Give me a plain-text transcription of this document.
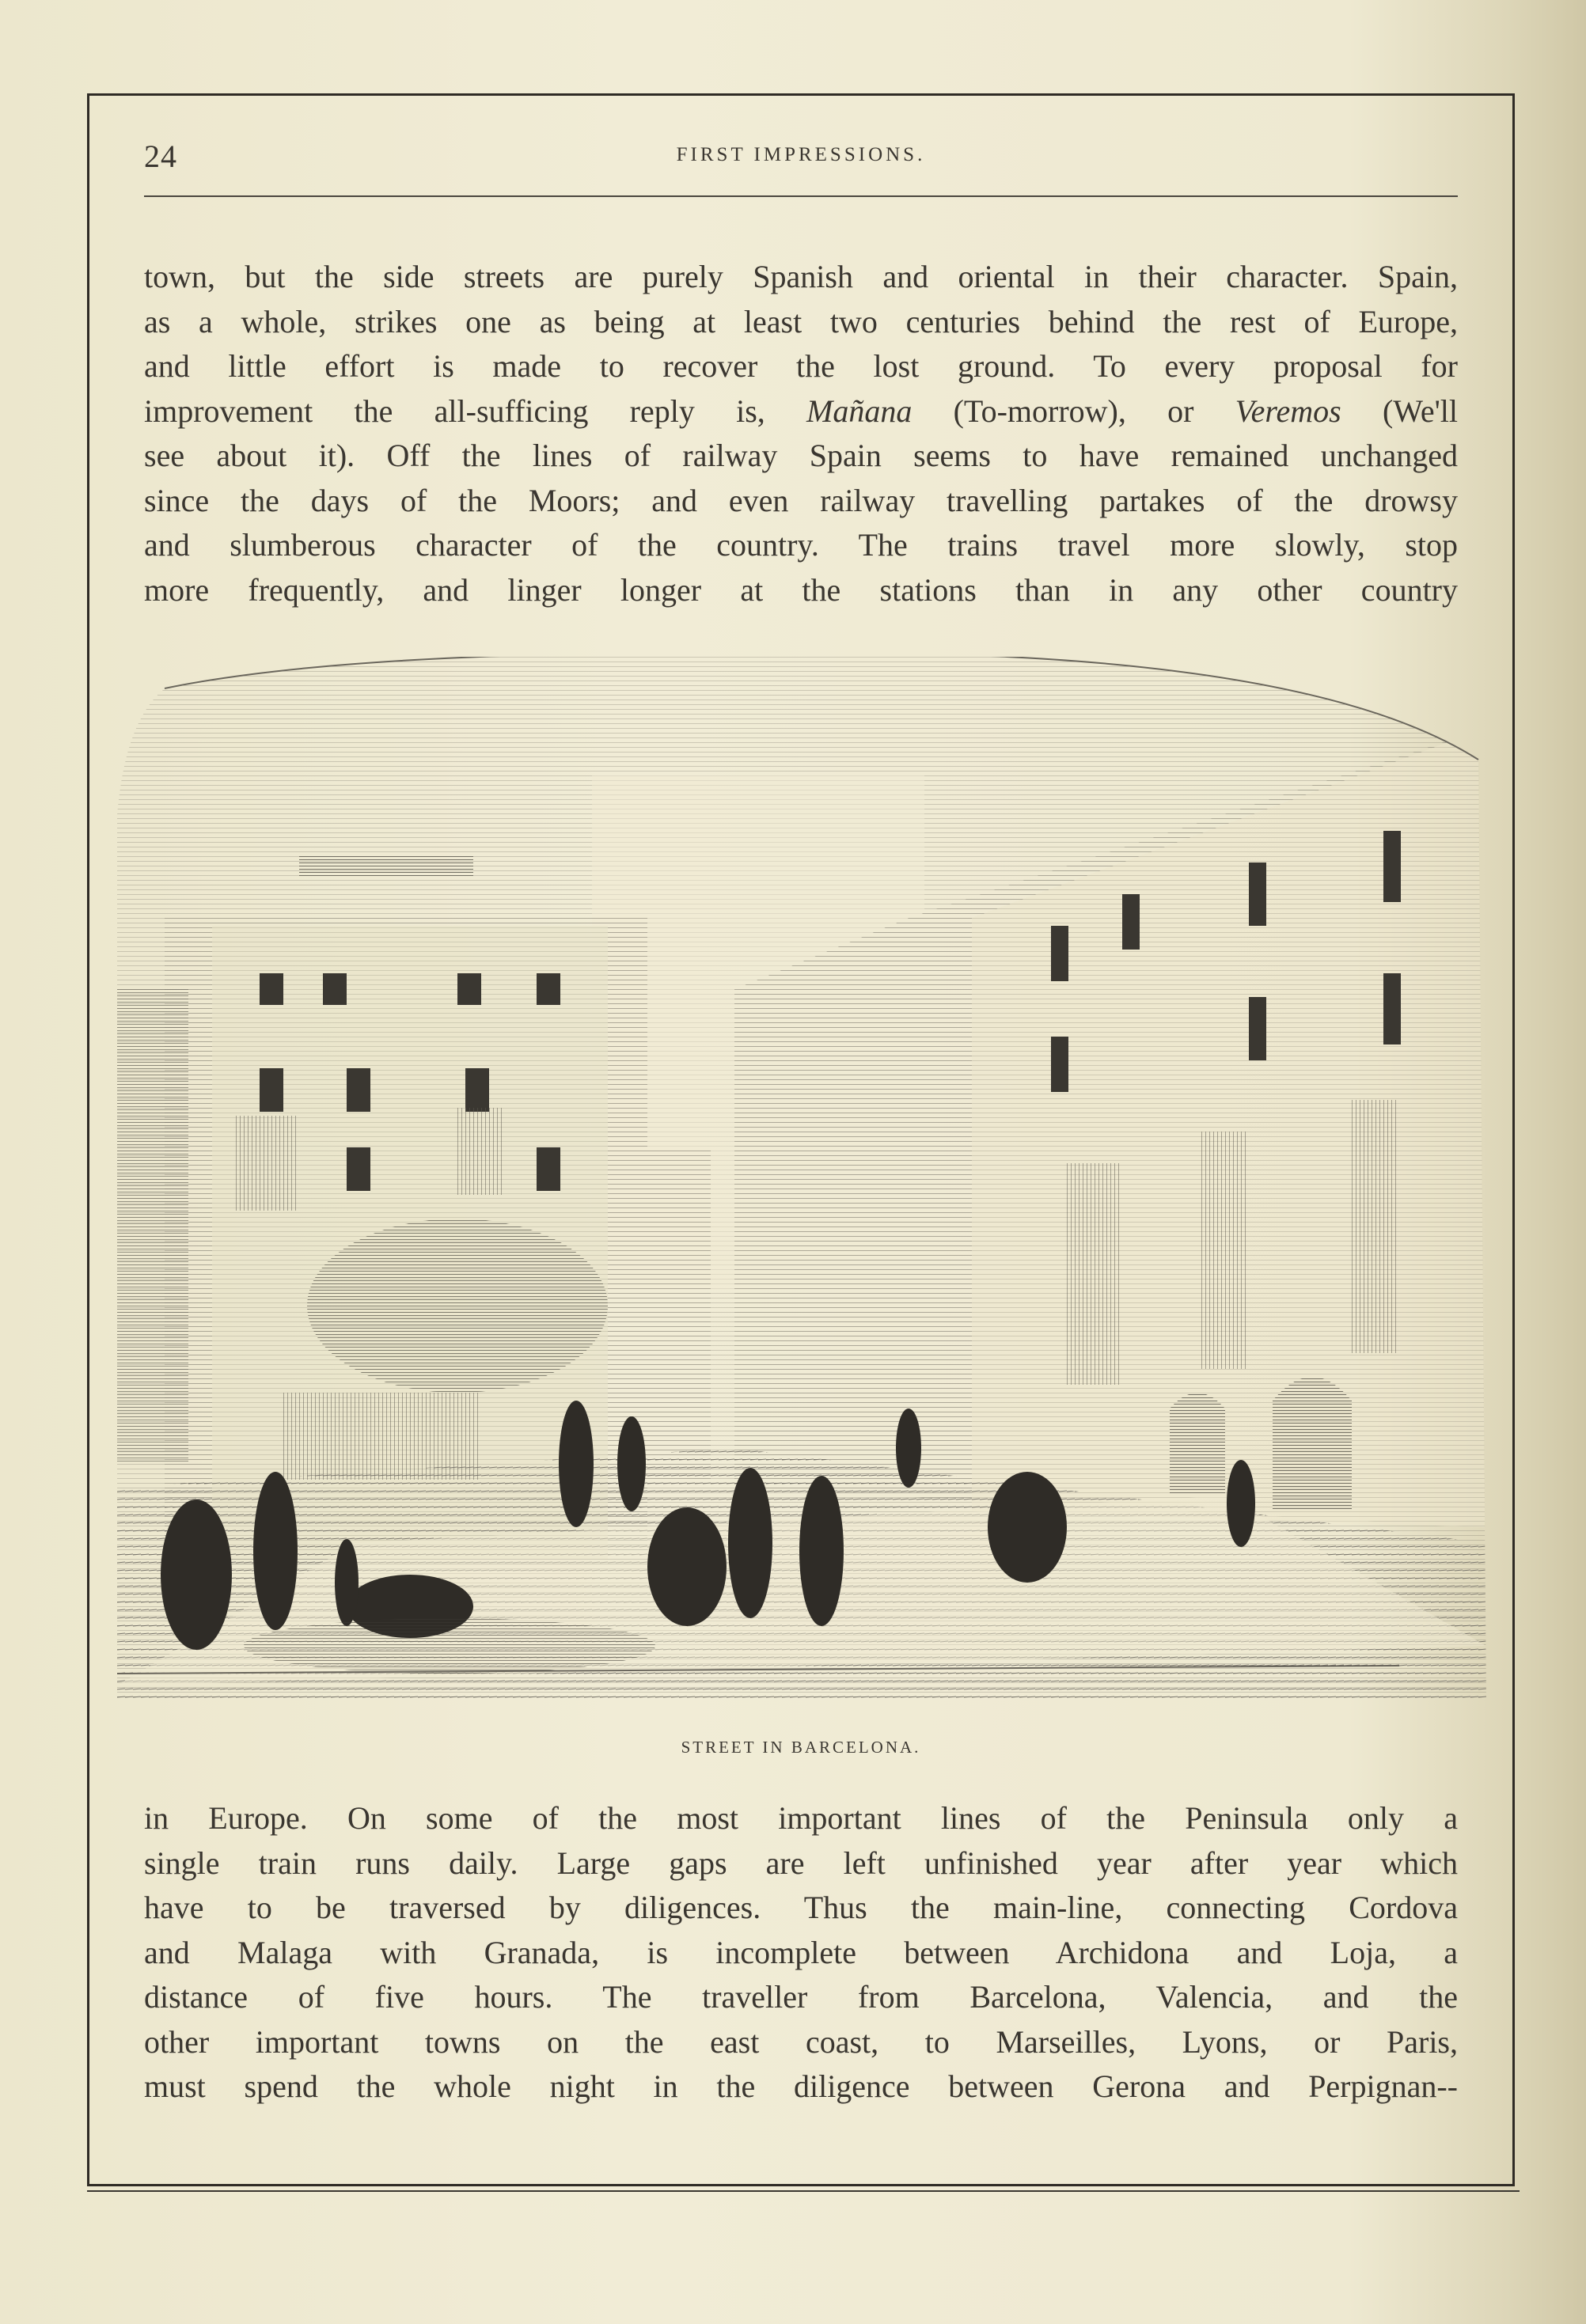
24	FIRST IMPRESSIONS.
town, but the side streets are purely Spanish and oriental in their character. Spain,
as a whole, strikes one as being at least two centuries behind the rest of Europe,
and little effort is made to recover the lost ground. To every proposal for
improvement the all-sufficing reply is, Mañana (To-morrow), or Veremos (We'll
see about it). Off the lines of railway Spain seems to have remained unchanged
since the days of the Moors; and even railway travelling partakes of the drowsy
and slumberous character of the country. The trains travel more slowly, stop
more frequently, and linger longer at the stations than in any other country
STREET IN BARCELONA.
in Europe. On some of the most important lines of the Peninsula only a
single train runs daily. Large gaps are left unfinished year after year which
have to be traversed by diligences. Thus the main-line, connecting Cordova
and Malaga with Granada, is incomplete between Archidona and Loja, a
distance of five hours. The traveller from Barcelona, Valencia, and the
other important towns on the east coast, to Marseilles, Lyons, or Paris,
must spend the whole night in the diligence between Gerona and Perpignan--
